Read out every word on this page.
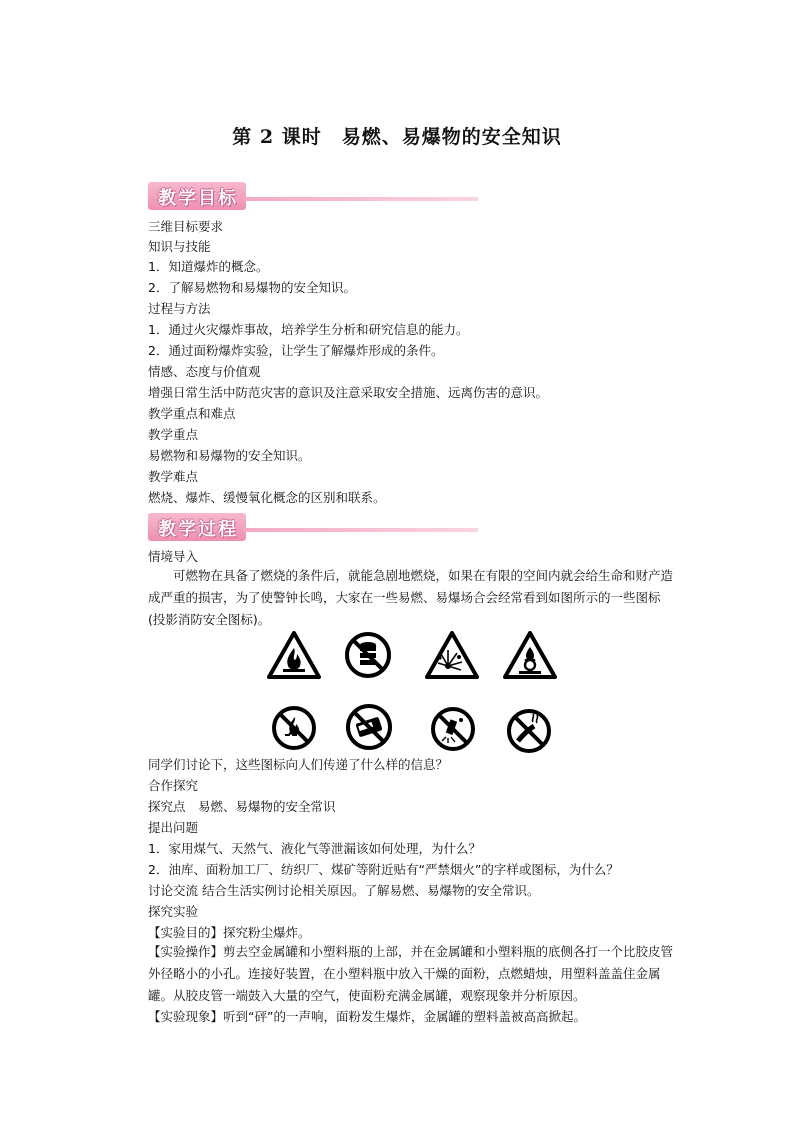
第 2 课时　易燃、易爆物的安全知识
教学目标
三维目标要求
知识与技能
1．知道爆炸的概念。
2．了解易燃物和易爆物的安全知识。
过程与方法
1．通过火灾爆炸事故，培养学生分析和研究信息的能力。
2．通过面粉爆炸实验，让学生了解爆炸形成的条件。
情感、态度与价值观
增强日常生活中防范灾害的意识及注意采取安全措施、远离伤害的意识。
教学重点和难点
教学重点
易燃物和易爆物的安全知识。
教学难点
燃烧、爆炸、缓慢氧化概念的区别和联系。
教学过程
情境导入
可燃物在具备了燃烧的条件后，就能急剧地燃烧，如果在有限的空间内就会给生命和财产造成严重的损害，为了使警钟长鸣，大家在一些易燃、易爆场合会经常看到如图所示的一些图标(投影消防安全图标)。
同学们讨论下，这些图标向人们传递了什么样的信息？
合作探究
探究点　易燃、易爆物的安全常识
提出问题
1．家用煤气、天然气、液化气等泄漏该如何处理，为什么？
2．油库、面粉加工厂、纺织厂、煤矿等附近贴有“严禁烟火”的字样或图标，为什么？
讨论交流 结合生活实例讨论相关原因。了解易燃、易爆物的安全常识。
探究实验
【实验目的】探究粉尘爆炸。
【实验操作】剪去空金属罐和小塑料瓶的上部，并在金属罐和小塑料瓶的底侧各打一个比胶皮管外径略小的小孔。连接好装置，在小塑料瓶中放入干燥的面粉，点燃蜡烛，用塑料盖盖住金属罐。从胶皮管一端鼓入大量的空气，使面粉充满金属罐，观察现象并分析原因。
【实验现象】听到“砰”的一声响，面粉发生爆炸，金属罐的塑料盖被高高掀起。
